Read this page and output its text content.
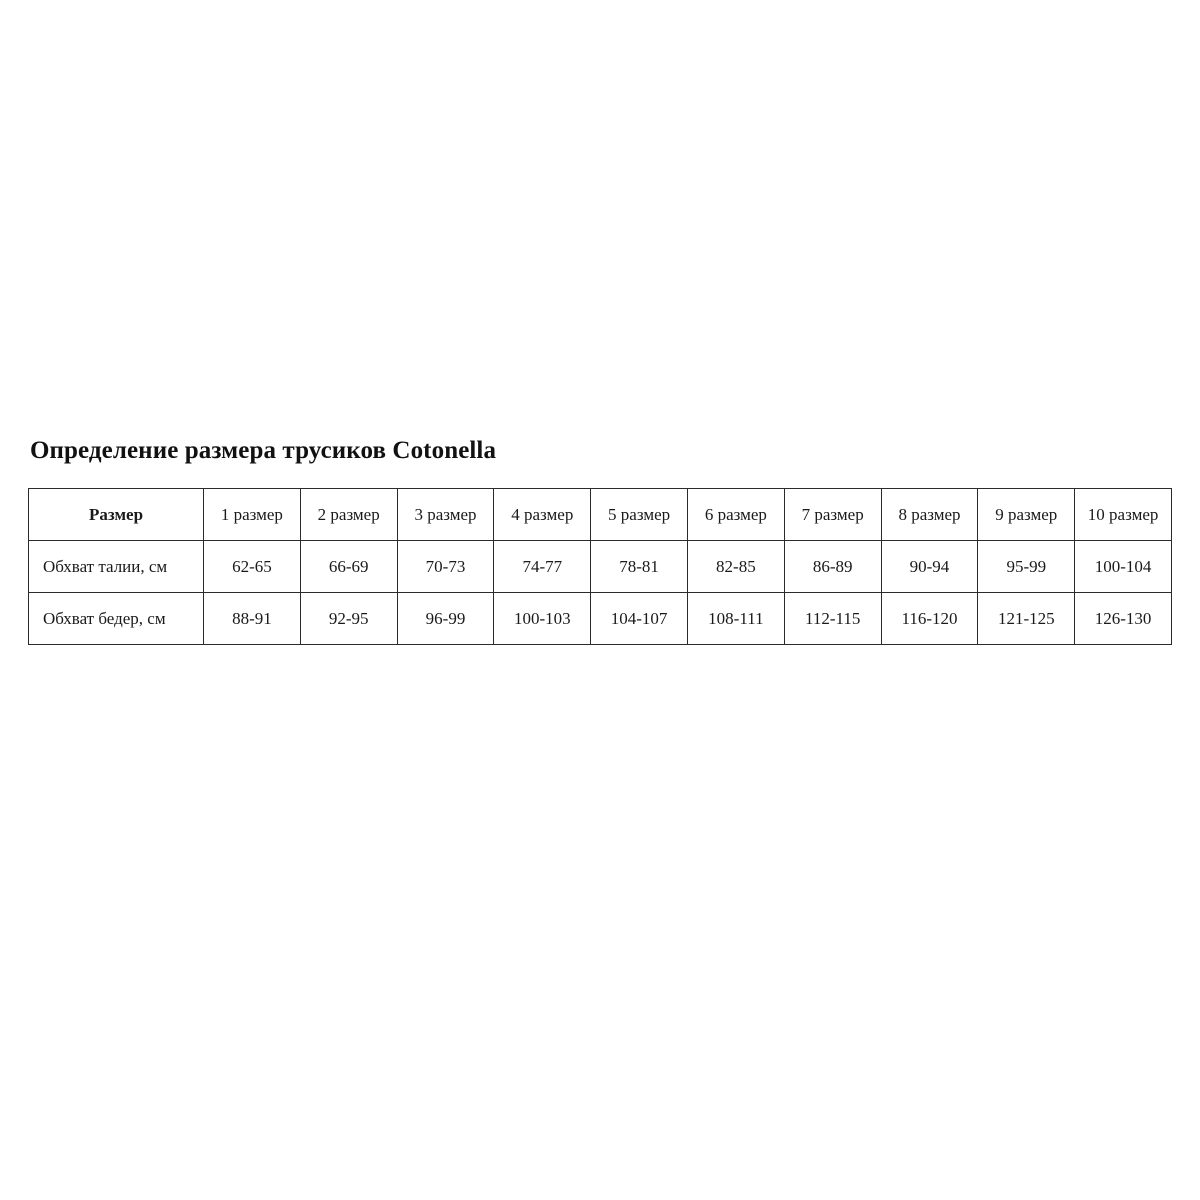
Определение размера трусиков Cotonella
Размер	1 размер	2 размер	3 размер	4 размер	5 размер	6 размер	7 размер	8 размер	9 размер	10 размер
Обхват талии, см	62-65	66-69	70-73	74-77	78-81	82-85	86-89	90-94	95-99	100-104
Обхват бедер, см	88-91	92-95	96-99	100-103	104-107	108-111	112-115	116-120	121-125	126-130
